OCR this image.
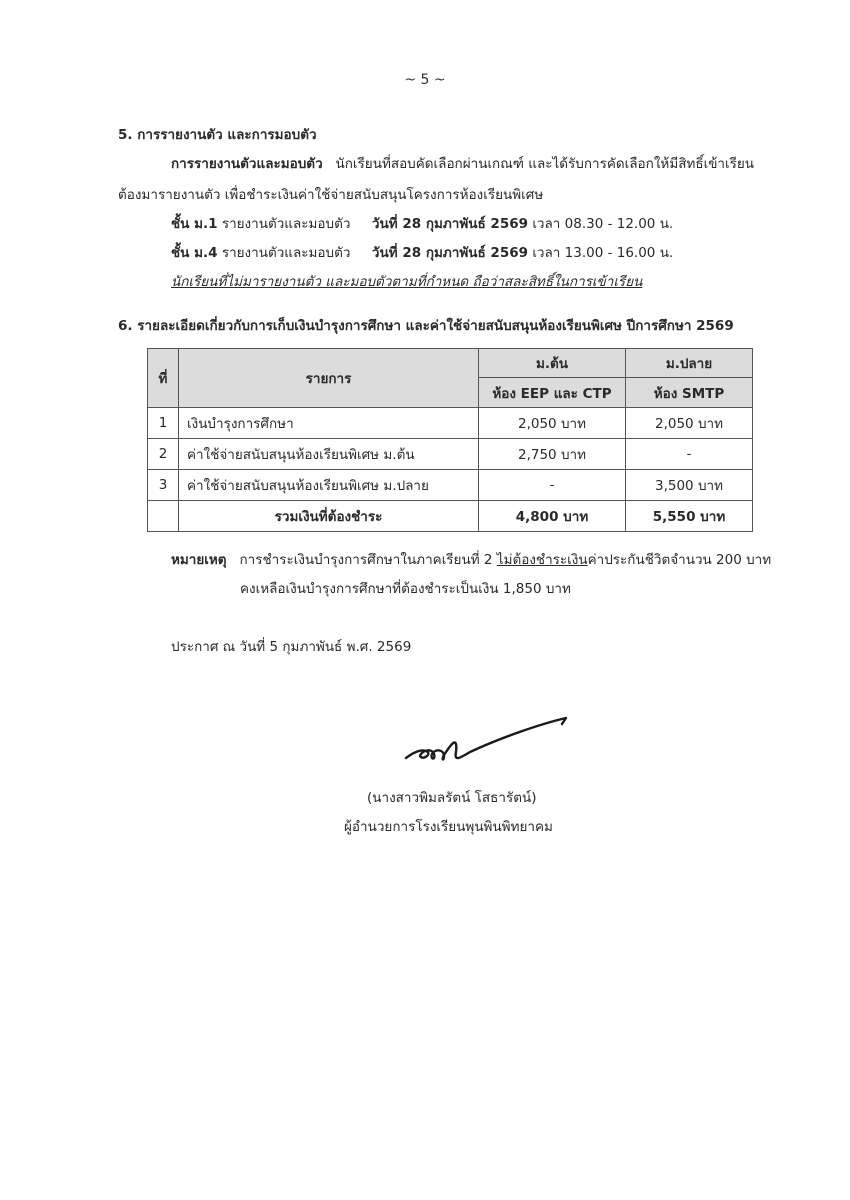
~ 5 ~
5. การรายงานตัว และการมอบตัว
การรายงานตัวและมอบตัว นักเรียนที่สอบคัดเลือกผ่านเกณฑ์ และได้รับการคัดเลือกให้มีสิทธิ์เข้าเรียน
ต้องมารายงานตัว เพื่อชำระเงินค่าใช้จ่ายสนับสนุนโครงการห้องเรียนพิเศษ
ชั้น ม.1 รายงานตัวและมอบตัว วันที่ 28 กุมภาพันธ์ 2569 เวลา 08.30 - 12.00 น.
ชั้น ม.4 รายงานตัวและมอบตัว วันที่ 28 กุมภาพันธ์ 2569 เวลา 13.00 - 16.00 น.
นักเรียนที่ไม่มารายงานตัว และมอบตัวตามที่กำหนด ถือว่าสละสิทธิ์ในการเข้าเรียน
6. รายละเอียดเกี่ยวกับการเก็บเงินบำรุงการศึกษา และค่าใช้จ่ายสนับสนุนห้องเรียนพิเศษ ปีการศึกษา 2569
ที่	รายการ	ม.ต้น	ม.ปลาย
		ห้อง EEP และ CTP	ห้อง SMTP
1	เงินบำรุงการศึกษา	2,050 บาท	2,050 บาท
2	ค่าใช้จ่ายสนับสนุนห้องเรียนพิเศษ ม.ต้น	2,750 บาท	-
3	ค่าใช้จ่ายสนับสนุนห้องเรียนพิเศษ ม.ปลาย	-	3,500 บาท
	รวมเงินที่ต้องชำระ	4,800 บาท	5,550 บาท
หมายเหตุ การชำระเงินบำรุงการศึกษาในภาคเรียนที่ 2 ไม่ต้องชำระเงินค่าประกันชีวิตจำนวน 200 บาท
คงเหลือเงินบำรุงการศึกษาที่ต้องชำระเป็นเงิน 1,850 บาท
ประกาศ ณ วันที่ 5 กุมภาพันธ์ พ.ศ. 2569
(นางสาวพิมลรัตน์ โสธารัตน์)
ผู้อำนวยการโรงเรียนพุนพินพิทยาคม
